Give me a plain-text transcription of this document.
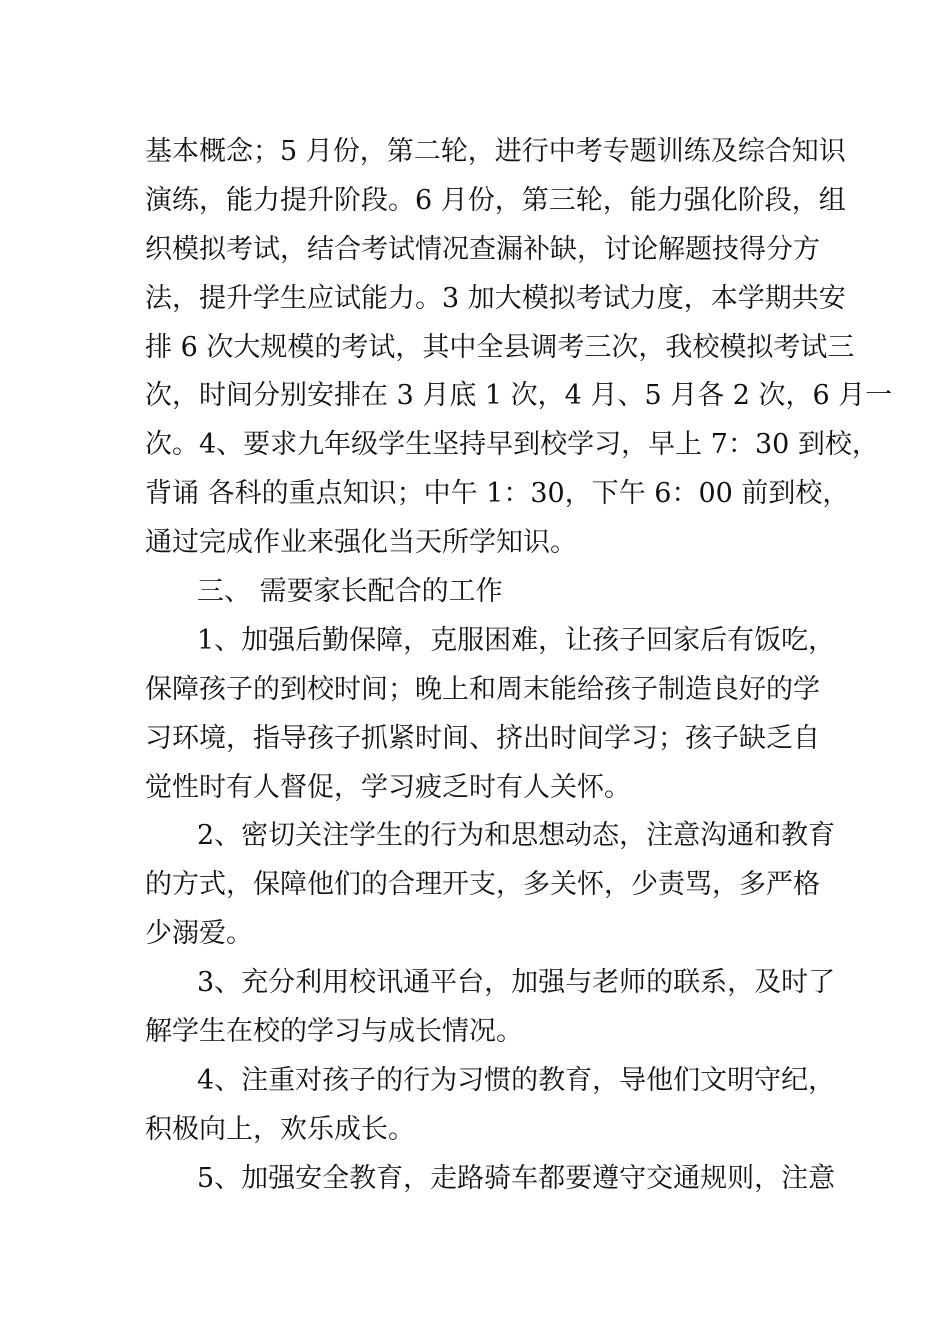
基本概念；5 月份，第二轮，进行中考专题训练及综合知识
演练，能力提升阶段。6 月份，第三轮，能力强化阶段，组
织模拟考试，结合考试情况查漏补缺，讨论解题技得分方
法，提升学生应试能力。3 加大模拟考试力度，本学期共安
排 6 次大规模的考试，其中全县调考三次，我校模拟考试三
次，时间分别安排在 3 月底 1 次，4 月、5 月各 2 次，6 月一
次。4、要求九年级学生坚持早到校学习，早上 7：30 到校，
背诵 各科的重点知识；中午 1：30，下午 6：00 前到校，
通过完成作业来强化当天所学知识。
三、 需要家长配合的工作
1、加强后勤保障，克服困难，让孩子回家后有饭吃，
保障孩子的到校时间；晚上和周末能给孩子制造良好的学
习环境，指导孩子抓紧时间、挤出时间学习；孩子缺乏自
觉性时有人督促，学习疲乏时有人关怀。
2、密切关注学生的行为和思想动态，注意沟通和教育
的方式，保障他们的合理开支，多关怀，少责骂，多严格
少溺爱。
3、充分利用校讯通平台，加强与老师的联系，及时了
解学生在校的学习与成长情况。
4、注重对孩子的行为习惯的教育，导他们文明守纪，
积极向上，欢乐成长。
5、加强安全教育，走路骑车都要遵守交通规则，注意
